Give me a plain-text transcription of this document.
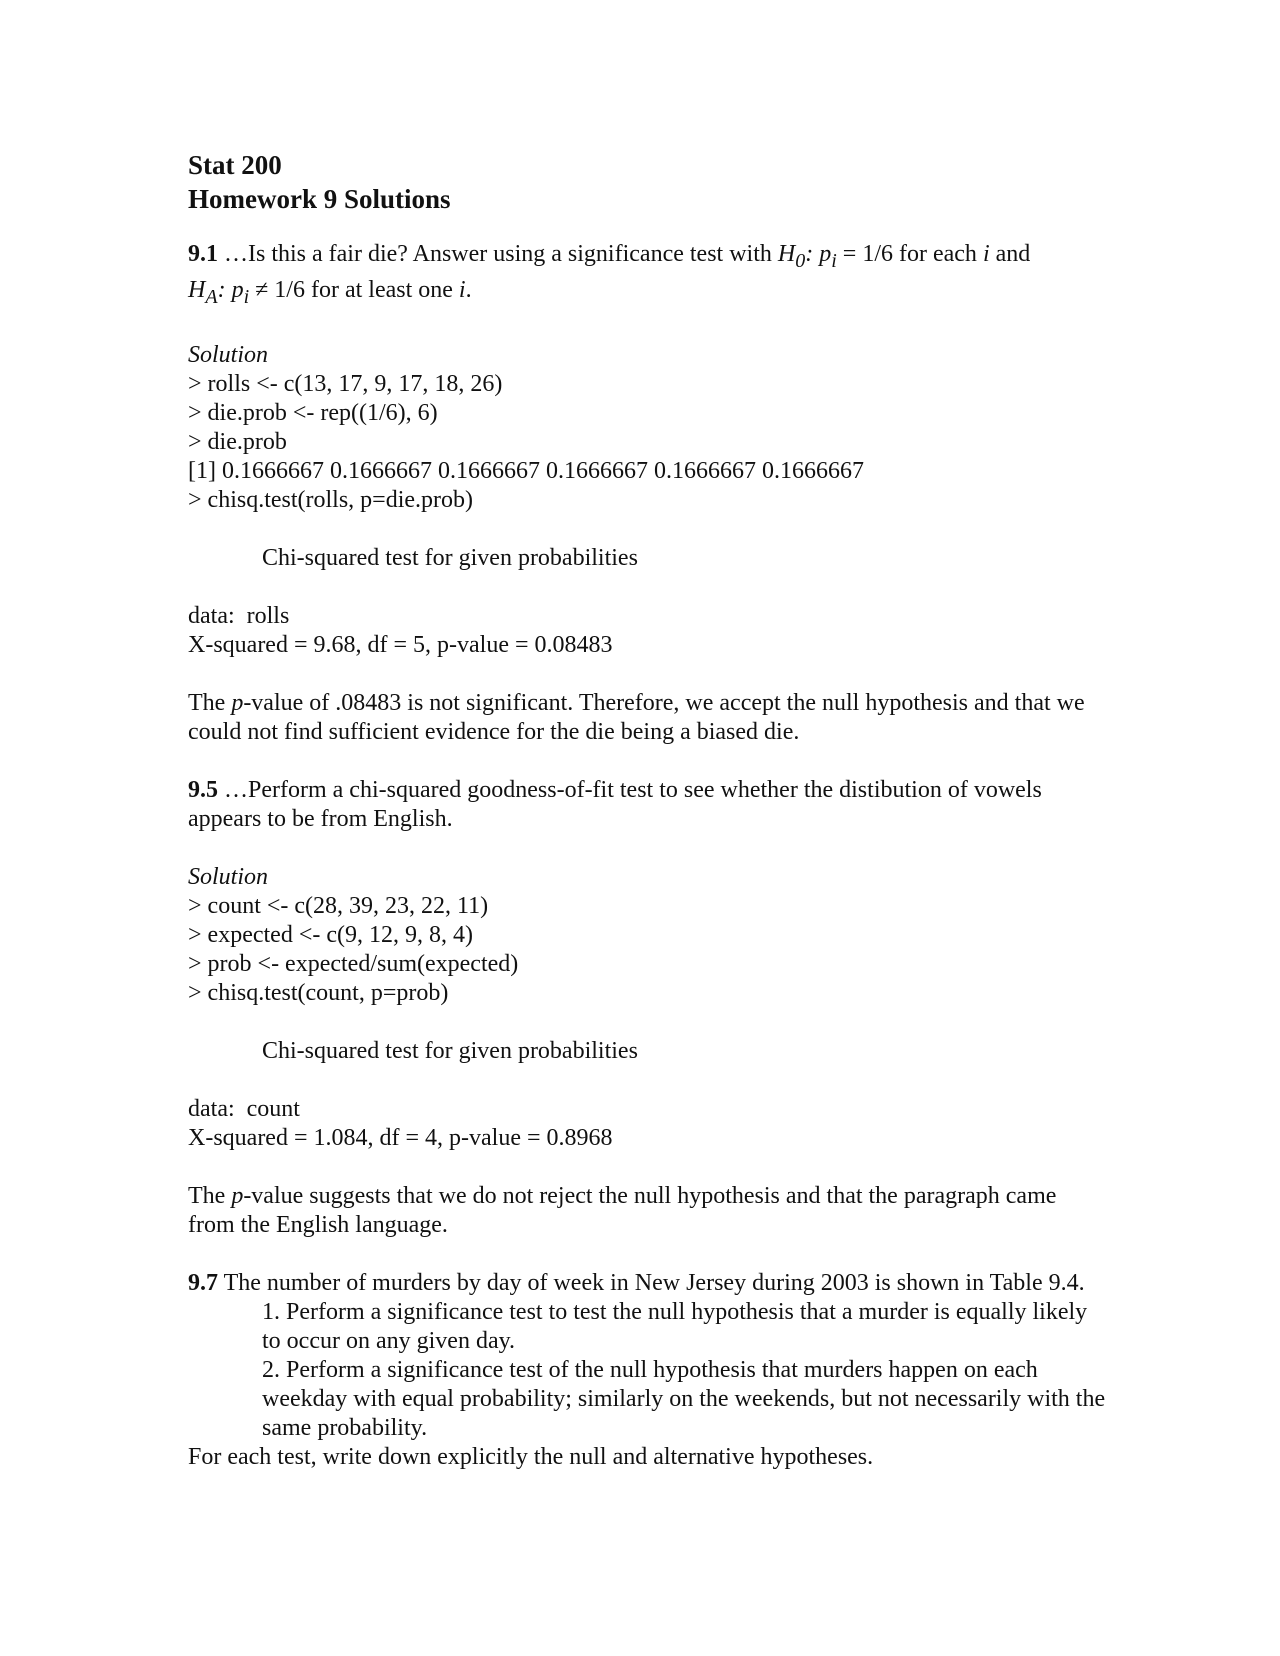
Stat 200
Homework 9 Solutions

9.1 …Is this a fair die? Answer using a significance test with $H_0$: $p_i = 1/6$ for each i and
$H_A$: $p_i \ne 1/6$ for at least one i.

Solution

> rolls <- c(13, 17, 9, 17, 18, 26)

> die.prob <- rep((1/6), 6)

> die.prob

[1] 0.1666667 0.1666667 0.1666667 0.1666667 0.1666667 0.1666667

> chisq.test(rolls, p=die.prob)

Chi-squared test for given probabilities

data:  rolls

X-squared = 9.68, df = 5, p-value = 0.08483

The p-value of .08483 is not significant. Therefore, we accept the null hypothesis and that we could not find sufficient evidence for the die being a biased die.

9.5 …Perform a chi-squared goodness-of-fit test to see whether the distibution of vowels appears to be from English.

Solution

> count <- c(28, 39, 23, 22, 11)

> expected <- c(9, 12, 9, 8, 4)

> prob <- expected/sum(expected)

> chisq.test(count, p=prob)

Chi-squared test for given probabilities

data:  count

X-squared = 1.084, df = 4, p-value = 0.8968

The p-value suggests that we do not reject the null hypothesis and that the paragraph came from the English language.

9.7 The number of murders by day of week in New Jersey during 2003 is shown in Table 9.4.

1. Perform a significance test to test the null hypothesis that a murder is equally likely to occur on any given day.

2. Perform a significance test of the null hypothesis that murders happen on each weekday with equal probability; similarly on the weekends, but not necessarily with the same probability.

For each test, write down explicitly the null and alternative hypotheses.
